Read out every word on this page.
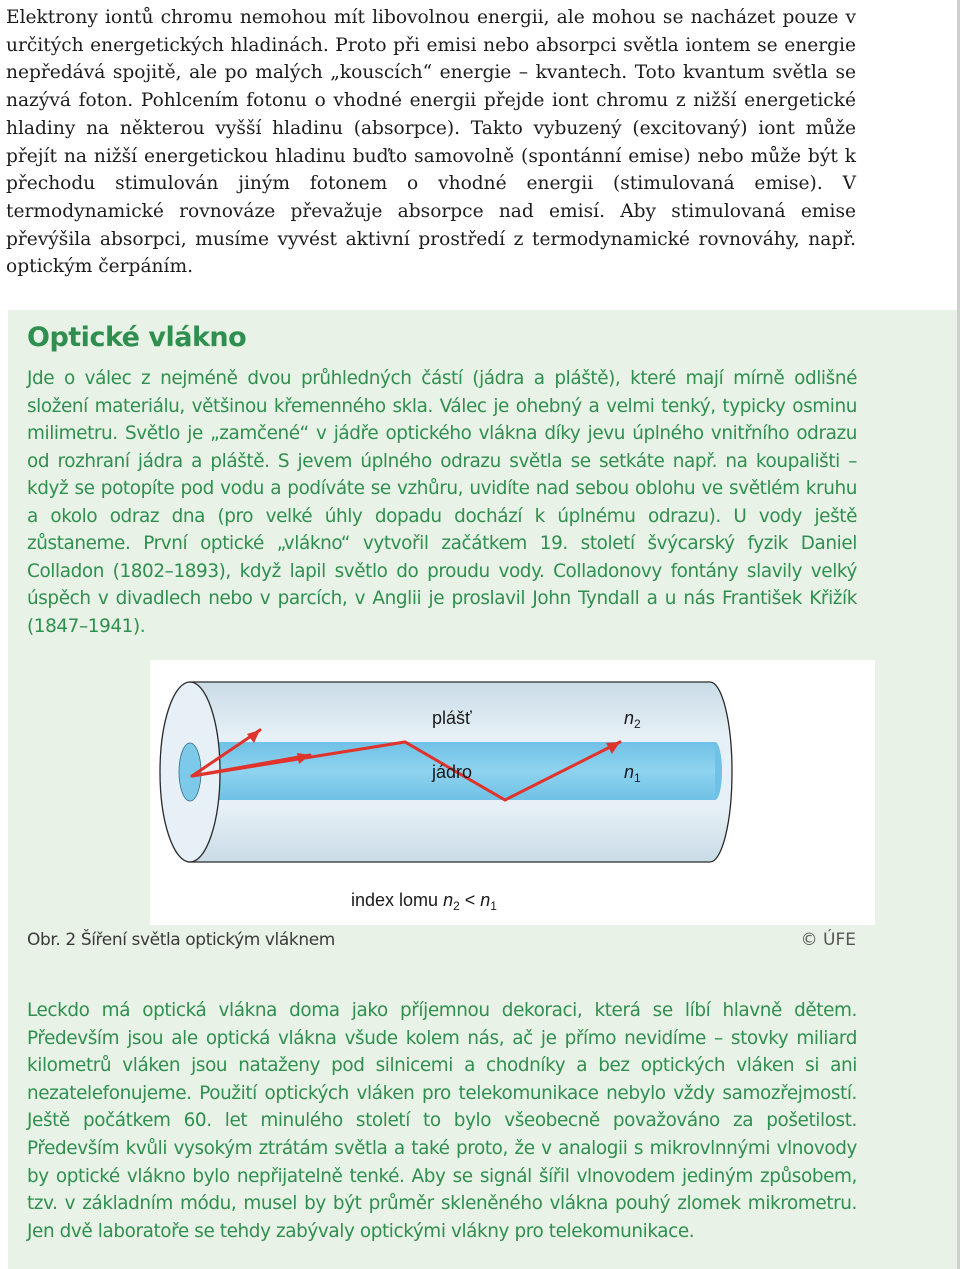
Elektrony iontů chromu nemohou mít libovolnou energii, ale mohou se nacházet pouze v určitých energetických hladinách. Proto při emisi nebo absorpci světla iontem se energie nepředává spojitě, ale po malých „kouscích“ energie – kvantech. Toto kvantum světla se nazývá foton. Pohlcením fotonu o vhodné energii přejde iont chromu z nižší energetické hladiny na některou vyšší hladinu (absorpce). Takto vybuzený (excitovaný) iont může přejít na nižší energetickou hladinu buďto samovolně (spontánní emise) nebo může být k přechodu stimulován jiným fotonem o vhodné energii (stimulovaná emise). V termodynamické rovnováze převažuje absorpce nad emisí. Aby stimulovaná emise převýšila absorpci, musíme vyvést aktivní prostředí z termodynamické rovnováhy, např. optickým čerpáním.

Optické vlákno

Jde o válec z nejméně dvou průhledných částí (jádra a pláště), které mají mírně odlišné složení materiálu, většinou křemenného skla. Válec je ohebný a velmi tenký, typicky osminu milimetru. Světlo je „zamčené“ v jádře optického vlákna díky jevu úplného vnitřního odrazu od rozhraní jádra a pláště. S jevem úplného odrazu světla se setkáte např. na koupališti – když se potopíte pod vodu a podíváte se vzhůru, uvidíte nad sebou oblohu ve světlém kruhu a okolo odraz dna (pro velké úhly dopadu dochází k úplnému odrazu). U vody ještě zůstaneme. První optické „vlákno“ vytvořil začátkem 19. století švýcarský fyzik Daniel Colladon (1802–1893), když lapil světlo do proudu vody. Colladonovy fontány slavily velký úspěch v divadlech nebo v parcích, v Anglii je proslavil John Tyndall a u nás František Křižík (1847–1941).

plášť
jádro
$n_2$
$n_1$
index lomu $n_2 < n_1$
Obr. 2 Šíření světla optickým vláknem	© ÚFE

Leckdo má optická vlákna doma jako příjemnou dekoraci, která se líbí hlavně dětem. Především jsou ale optická vlákna všude kolem nás, ač je přímo nevidíme – stovky miliard kilometrů vláken jsou nataženy pod silnicemi a chodníky a bez optických vláken si ani nezatelefonujeme. Použití optických vláken pro telekomunikace nebylo vždy samozřejmostí. Ještě počátkem 60. let minulého století to bylo všeobecně považováno za pošetilost. Především kvůli vysokým ztrátám světla a také proto, že v analogii s mikrovlnnými vlnovody by optické vlákno bylo nepřijatelně tenké. Aby se signál šířil vlnovodem jediným způsobem, tzv. v základním módu, musel by být průměr skleněného vlákna pouhý zlomek mikrometru. Jen dvě laboratoře se tehdy zabývaly optickými vlákny pro telekomunikace.
